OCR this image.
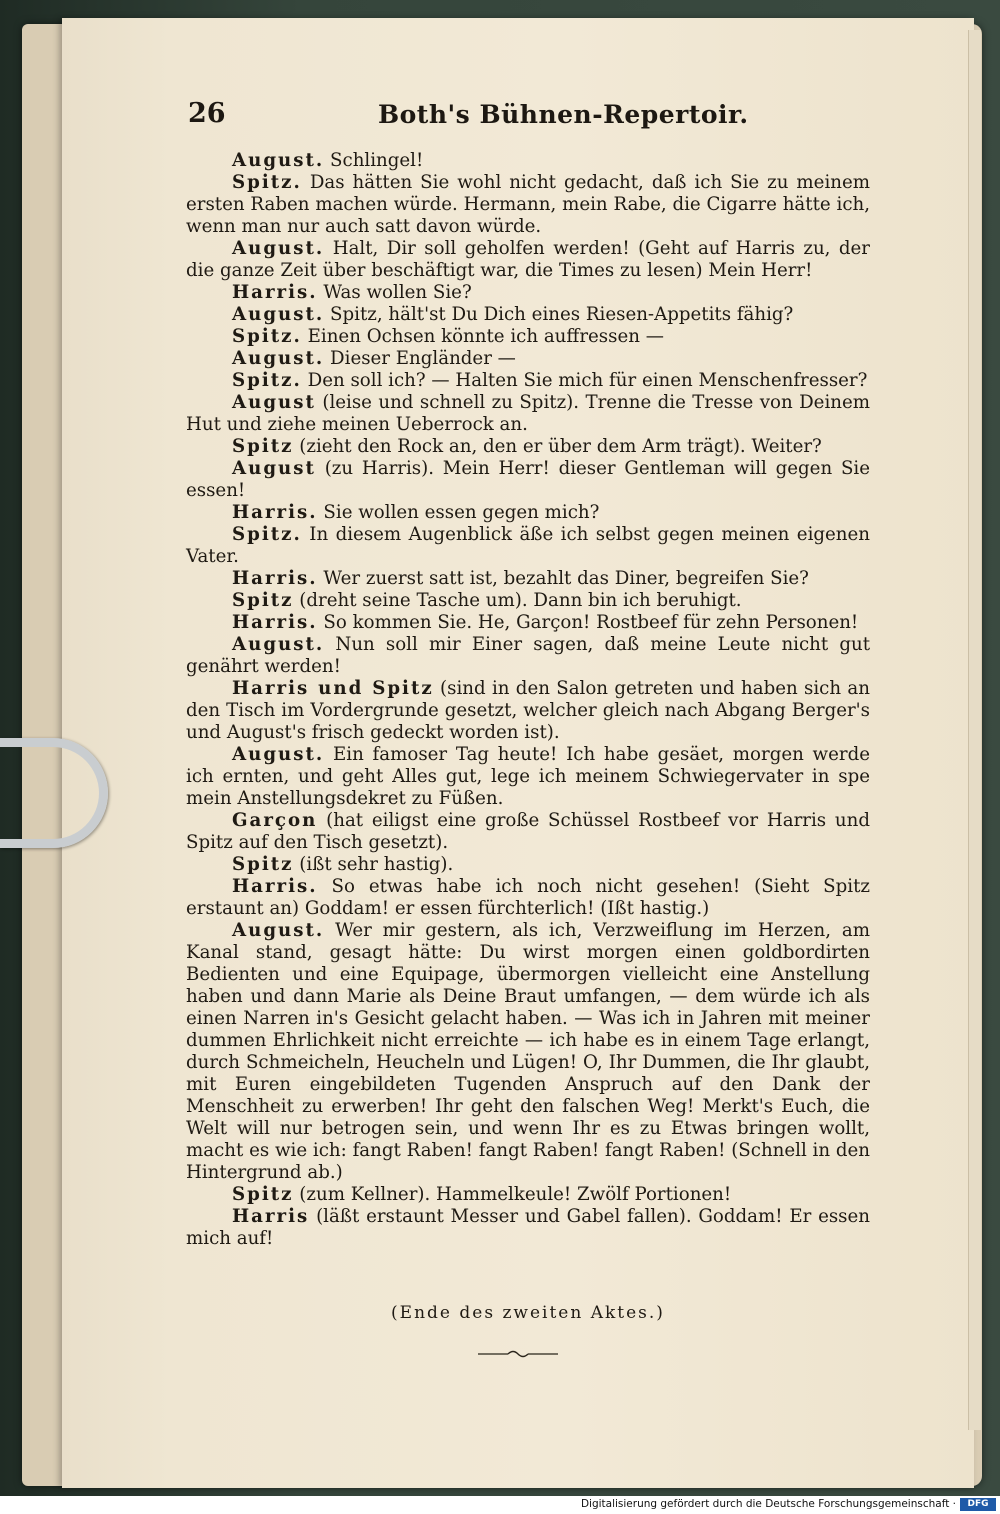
26	Both's Bühnen-Repertoir.

August. Schlingel!

Spitz. Das hätten Sie wohl nicht gedacht, daß ich Sie zu meinem ersten Raben machen würde. Hermann, mein Rabe, die Cigarre hätte ich, wenn man nur auch satt davon würde.

August. Halt, Dir soll geholfen werden! (Geht auf Harris zu, der die ganze Zeit über beschäftigt war, die Times zu lesen) Mein Herr!

Harris. Was wollen Sie?

August. Spitz, hält'st Du Dich eines Riesen-Appetits fähig?

Spitz. Einen Ochsen könnte ich auffressen —

August. Dieser Engländer —

Spitz. Den soll ich? — Halten Sie mich für einen Menschenfresser?

August (leise und schnell zu Spitz). Trenne die Tresse von Deinem Hut und ziehe meinen Ueberrock an.

Spitz (zieht den Rock an, den er über dem Arm trägt). Weiter?

August (zu Harris). Mein Herr! dieser Gentleman will gegen Sie essen!

Harris. Sie wollen essen gegen mich?

Spitz. In diesem Augenblick äße ich selbst gegen meinen eigenen Vater.

Harris. Wer zuerst satt ist, bezahlt das Diner, begreifen Sie?

Spitz (dreht seine Tasche um). Dann bin ich beruhigt.

Harris. So kommen Sie. He, Garçon! Rostbeef für zehn Personen!

August. Nun soll mir Einer sagen, daß meine Leute nicht gut genährt werden!

Harris und Spitz (sind in den Salon getreten und haben sich an den Tisch im Vordergrunde gesetzt, welcher gleich nach Abgang Berger's und August's frisch gedeckt worden ist).

August. Ein famoser Tag heute! Ich habe gesäet, morgen werde ich ernten, und geht Alles gut, lege ich meinem Schwiegervater in spe mein Anstellungsdekret zu Füßen.

Garçon (hat eiligst eine große Schüssel Rostbeef vor Harris und Spitz auf den Tisch gesetzt).

Spitz (ißt sehr hastig).

Harris. So etwas habe ich noch nicht gesehen! (Sieht Spitz erstaunt an) Goddam! er essen fürchterlich! (Ißt hastig.)

August. Wer mir gestern, als ich, Verzweiflung im Herzen, am Kanal stand, gesagt hätte: Du wirst morgen einen goldbordirten Bedienten und eine Equipage, übermorgen vielleicht eine Anstellung haben und dann Marie als Deine Braut umfangen, — dem würde ich als einen Narren in's Gesicht gelacht haben. — Was ich in Jahren mit meiner dummen Ehrlichkeit nicht erreichte — ich habe es in einem Tage erlangt, durch Schmeicheln, Heucheln und Lügen! O, Ihr Dummen, die Ihr glaubt, mit Euren eingebildeten Tugenden Anspruch auf den Dank der Menschheit zu erwerben! Ihr geht den falschen Weg! Merkt's Euch, die Welt will nur betrogen sein, und wenn Ihr es zu Etwas bringen wollt, macht es wie ich: fangt Raben! fangt Raben! fangt Raben! (Schnell in den Hintergrund ab.)

Spitz (zum Kellner). Hammelkeule! Zwölf Portionen!

Harris (läßt erstaunt Messer und Gabel fallen). Goddam! Er essen mich auf!

(Ende des zweiten Aktes.)
Digitalisierung gefördert durch die Deutsche Forschungsgemeinschaft ·	DFG
